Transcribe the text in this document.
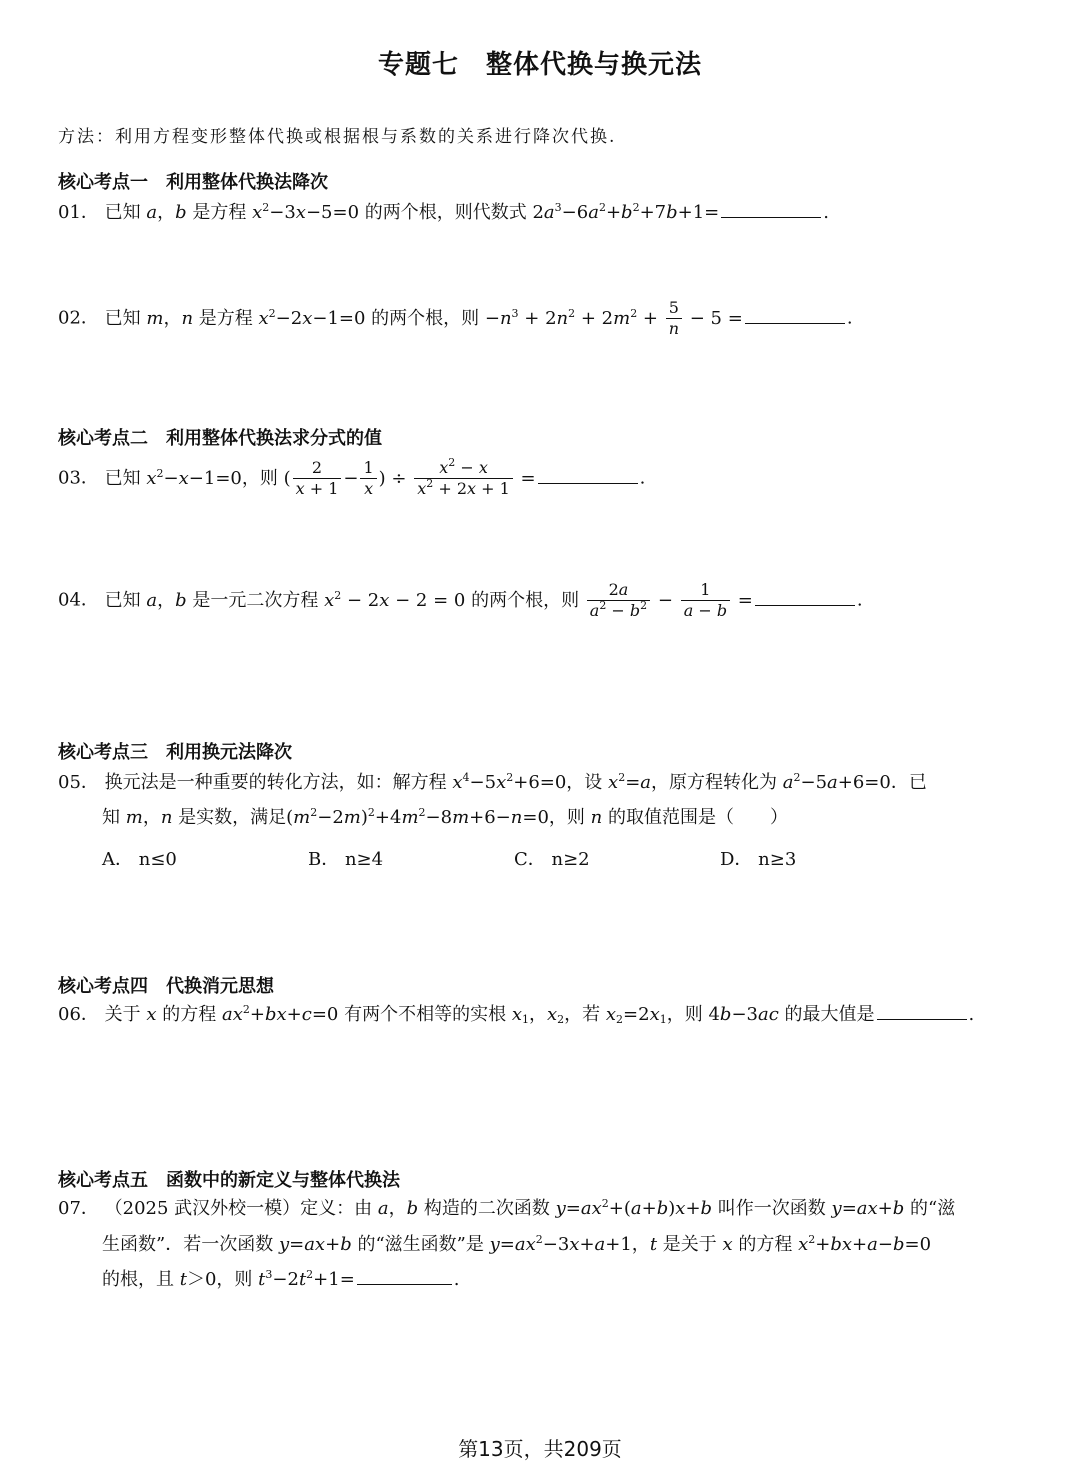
专题七　整体代换与换元法
方法：利用方程变形整体代换或根据根与系数的关系进行降次代换.
核心考点一　利用整体代换法降次
01． 已知 a，b 是方程 $x^2-3x-5=0$ 的两个根，则代数式 $2a^3-6a^2+b^2+7b+1=$	.
02． 已知 m，n 是方程 $x^2-2x-1=0$ 的两个根，则 $-n^3 + 2n^2 + 2m^2 + \frac{5}{n} - 5$ =	.
核心考点二　利用整体代换法求分式的值
03． 已知 $x^2-x-1=0$，则 ( $\frac{2}{x + 1} - \frac{1}{x}$ ) ÷ $\frac{x^2 - x}{x^2 + 2x + 1}$ =	.
04． 已知 a，b 是一元二次方程 $x^2 - 2x - 2 = 0$ 的两个根，则 $\frac{2a}{a^2 - b^2} - \frac{1}{a - b}$ =	.
核心考点三　利用换元法降次
05． 换元法是一种重要的转化方法，如：解方程 $x^4-5x^2+6=0$，设 $x^2=a$，原方程转化为 $a^2-5a+6=0$．已
知 m，n 是实数，满足$(m^2-2m)^2+4m^2-8m+6-n=0$，则 n 的取值范围是（　　）
A． n≤0	B． n≥4	C． n≥2	D． n≥3
核心考点四　代换消元思想
06． 关于 x 的方程 $ax^2+bx+c=0$ 有两个不相等的实根 $x_1$，$x_2$，若 $x_2=2x_1$，则 4b−3ac 的最大值是	.
核心考点五　函数中的新定义与整体代换法
07． （2025 武汉外校一模）定义：由 a，b 构造的二次函数 $y=ax^2+(a+b)x+b$ 叫作一次函数 y=ax+b 的“滋
生函数”．若一次函数 y=ax+b 的“滋生函数”是 $y=ax^2-3x+a+1$，t 是关于 x 的方程 $x^2+bx+a-b=0$
的根，且 t＞0，则 $t^3-2t^2+1=$	.
第13页，共209页
